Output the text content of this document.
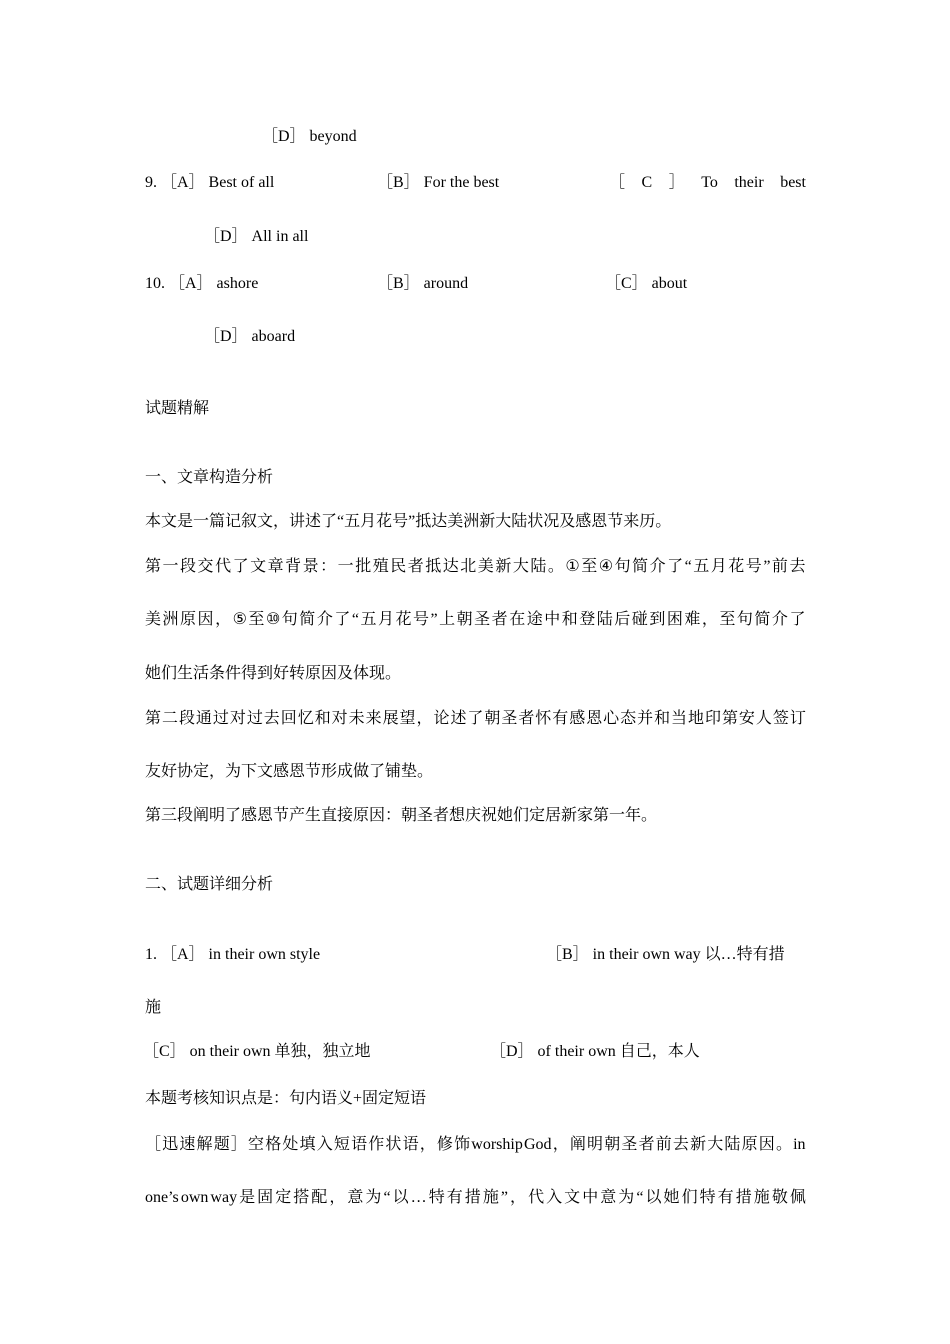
［D］ beyond
9. ［A］ Best of all	［B］ For the best	［ C ］ To their best
［D］ All in all
10. ［A］ ashore	［B］ around	［C］ about
［D］ aboard
试题精解
一、文章构造分析
本文是一篇记叙文，讲述了“五月花号”抵达美洲新大陆状况及感恩节来历。
第 一 段 交 代 了 文 章 背 景 ： 一 批 殖 民 者 抵 达 北 美 新 大 陆 。 ① 至 ④ 句 简 介 了 “ 五 月 花 号 ” 前 去
美 洲 原 因 ， ⑤ 至 ⑩ 句 简 介 了 “ 五 月 花 号 ” 上 朝 圣 者 在 途 中 和 登 陆 后 碰 到 困 难 ， 至 句 简 介 了
她们生活条件得到好转原因及体现。
第 二 段 通 过 对 过 去 回 忆 和 对 未 来 展 望 ， 论 述 了 朝 圣 者 怀 有 感 恩 心 态 并 和 当 地 印 第 安 人 签 订
友好协定，为下文感恩节形成做了铺垫。
第三段阐明了感恩节产生直接原因：朝圣者想庆祝她们定居新家第一年。
二、试题详细分析
1. ［A］ in their own style	［B］ in their own way 以…特有措
施
［C］ on their own 单独，独立地	［D］ of their own 自己，本人
本题考核知识点是：句内语义+固定短语
［ 迅 速 解 题 ］ 空 格 处 填 入 短 语 作 状 语 ， 修 饰 worship God ， 阐 明 朝 圣 者 前 去 新 大 陆 原 因 。 in
one’s own way 是 固 定 搭 配 ， 意 为 “ 以 … 特 有 措 施 ” ， 代 入 文 中 意 为 “ 以 她 们 特 有 措 施 敬 佩
